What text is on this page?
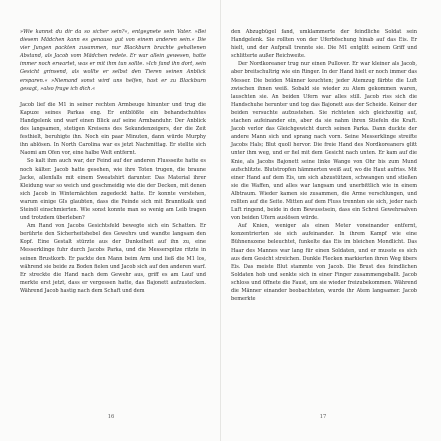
»Wie kannst du dir da so sicher sein?«, entgegnete sein Vater. »Bei diesem Mädchen kann es genauso gut von einem anderen sein.« Die vier Jungen packten zusammen, nur Blackburn brachte gehaltenen Abstand, als Jacob vom Mädchen redete. Er war allein gewesen, hatte immer noch erwartet, was er mit ihm tun sollte. »Ich fand ihn dort, sein Gesicht grinsend, als wollte er selbst den Tieren seinen Anblick ersparen.« »Niemand sonst wird uns helfen, hast er zu Blackburn gesagt, »also frage ich dich.«

Jacob lief die M1 in seiner rechten Armbeuge hinunter und trug die Kapuze seines Parkas eng. Er entblößte ein behandschuhtes Handgelenk und warf einen Blick auf seine Armbanduhr. Der Anblick des langsamen, stetigen Kreisens des Sekundenzeigers, der die Zeit festhielt, beruhigte ihn. Noch ein paar Minuten, dann würde Murphy ihn ablösen. In North Carolina war es jetzt Nachmittag. Er stellte sich Naomi am Ofen vor, eine halbe Welt entfernt.

So kalt ihm auch war, der Feind auf der anderen Flussseite hatte es noch kälter. Jacob hatte gesehen, wie ihre Toten trugen, die braune Jacke, allenfalls mit einem Sweatshirt darunter. Das Material ihrer Kleidung war so weich und geschmeidig wie die der Decken, mit denen sich Jacob in Winternächten zugedeckt hatte. Er konnte verstehen, warum einige GIs glaubten, dass die Feinde sich mit Branntkalk und Steinöl einschmierten. Wie sonst konnte man so wenig am Leib tragen und trotzdem überleben?

Am Rand von Jacobs Gesichtsfeld bewegte sich ein Schatten. Er berührte den Sicherheitshebel des Gewehrs und wandte langsam den Kopf. Eine Gestalt stürzte aus der Dunkelheit auf ihn zu, eine Messerklinge fuhr durch Jacobs Parka, und die Messerspitze ritzte in seinen Brustkorb. Er packte den Mann beim Arm und ließ die M1 los, während sie beide zu Boden fielen und Jacob sich auf den anderen warf. Er streckte die Hand nach dem Gewehr aus, griff es am Lauf und merkte erst jetzt, dass er vergessen hatte, das Bajonett aufzustecken. Während Jacob hastig nach dem Schaft und dem

16

den Abzugbügel fand, umklammerte der feindliche Soldat sein Handgelenk. Sie rollten von der Uferböschung hinab auf das Eis. Er hielt, und der Aufprall trennte sie. Die M1 entglitt seinem Griff und schlitterte außer Reichweite.

Der Nordkoreaner trug nur einen Pullover. Er war kleiner als Jacob, aber breitschultrig wie ein Ringer. In der Hand hielt er noch immer das Messer. Die beiden Männer keuchten; jeder Atemzug färbte die Luft zwischen ihnen weiß. Sobald sie wieder zu Atem gekommen waren, lauschten sie. An beiden Ufern war alles still. Jacob riss sich die Handschuhe herunter und tog das Bajonett aus der Scheide. Keiner der beiden versuchte aufzustehen. Sie richteten sich gleichzeitig auf, stachen aufeinander ein, aber da sie nahm ihren Stiefeln die Kraft. Jacob verlor das Gleichgewicht durch seinen Parka. Dann duckte der andere Mann sich und sprang nach vorn. Seine Messerklinge streifte Jacobs Hals; Blut quoll hervor. Die freie Hand des Nordkoreaners glitt unter ihm weg, und er fiel mit dem Gesicht nach unten. Er kam auf die Knie, als Jacobs Bajonett seine linke Wange von Ohr bis zum Mund aufschlitzte. Blutstropfen hämmerten weiß auf, wo die Haut aufriss. Mit einer Hand auf dem Eis, um sich abzustützen, schwangen und stießen sie die Waffen, und alles war langsam und unerbittlich wie in einem Albtraum. Wieder kamen sie zusammen, die Arme verschlungen, und rollten auf die Seite. Mitten auf dem Fluss trennten sie sich, jeder nach Luft ringend, beide in dem Bewusstsein, dass ein Schrei Gewehrsalven von beiden Ufern auslösen würde.

Auf Knien, weniger als einen Meter voneinander entfernt, konzentrierten sie sich aufeinander. In ihrem Kampf wie eine Bühnenszene beleuchtet, funkelte das Eis im bleichen Mondlicht. Das Haar des Mannes war lang für einen Soldaten, und er musste es sich aus dem Gesicht streichen. Dunkle Flecken markierten ihren Weg übers Eis. Das meiste Blut stammte von Jacob. Die Brust des feindlichen Soldaten hob und senkte sich in einer Finger zusammengeballt. Jacob schloss und öffnete die Faust, um sie wieder freizubekommen. Während die Männer einander beobachteten, wurde ihr Atem langsamer. Jacob bemerkte

17
